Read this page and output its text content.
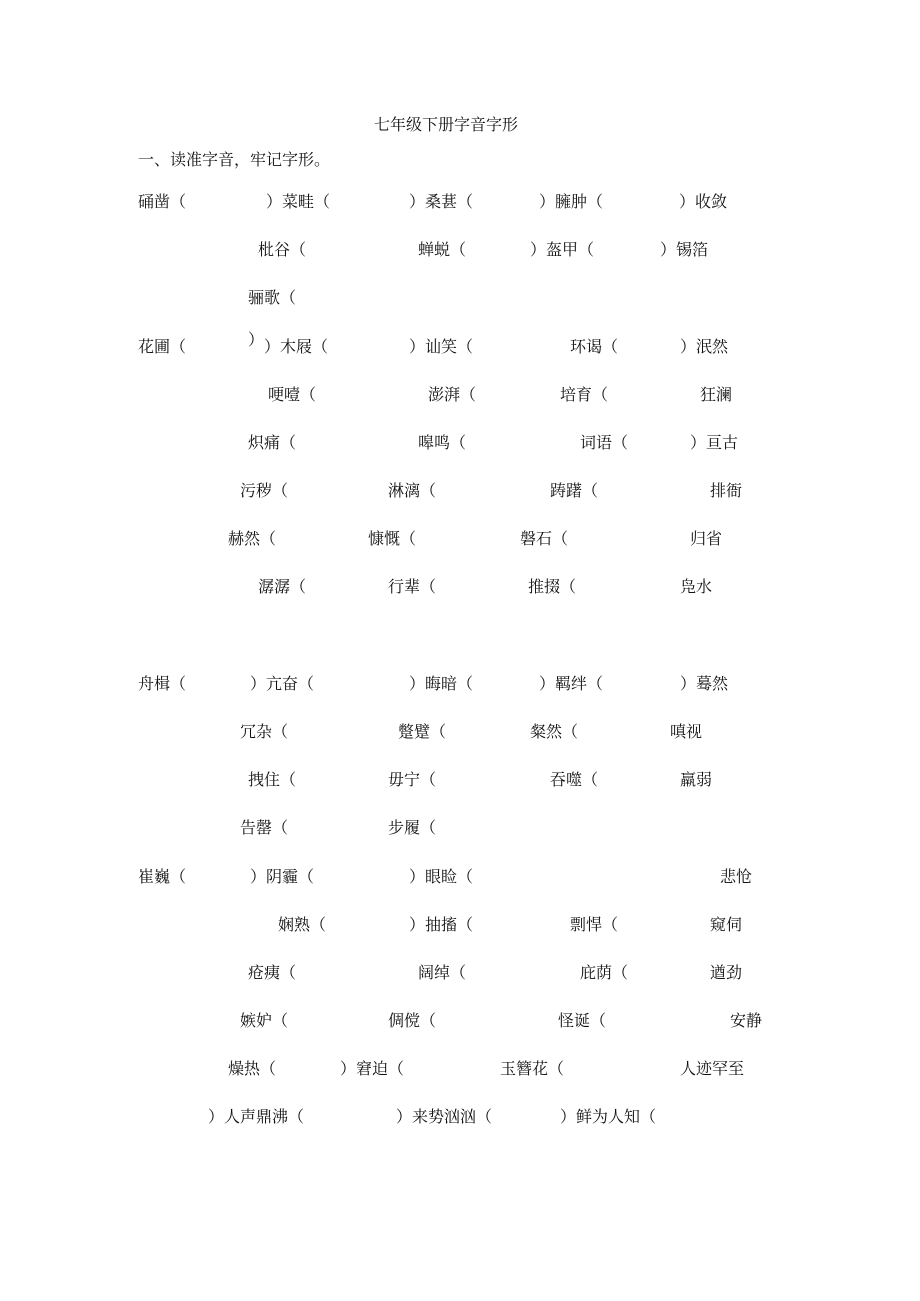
七年级下册字音字形
一、读准字音，牢记字形。
硧凿（	）菜畦（	）桑葚（	）臃肿（	）收敛
枇谷（	蝉蜕（	）盔甲（	）锡箔
骊歌（
花圃（	） ）木屐（	）讪笑（	环谒（	）泯然
哽噎（	澎湃（	培育（	狂澜
炽痛（	嗥鸣（	词语（	）亘古
污秽（	淋漓（	踌躇（	排衙
赫然（	慷慨（	磐石（	归省
潺潺（	行辈（	推掇（	凫水
舟楫（	）亢奋（	）晦暗（	）羁绊（	）蓦然
冗杂（	蹩躄（	粲然（	嗔视
拽住（	毋宁（	吞噬（	羸弱
告罄（	步履（
崔巍（	）阴霾（	）眼睑（	悲怆
娴熟（	）抽搐（	剽悍（	窥伺
疮痍（	阔绰（	庇荫（	遒劲
嫉妒（	倜傥（	怪诞（	安静
燥热（	）窘迫（	玉簪花（	人迹罕至
）人声鼎沸（	）来势汹汹（	）鲜为人知（
